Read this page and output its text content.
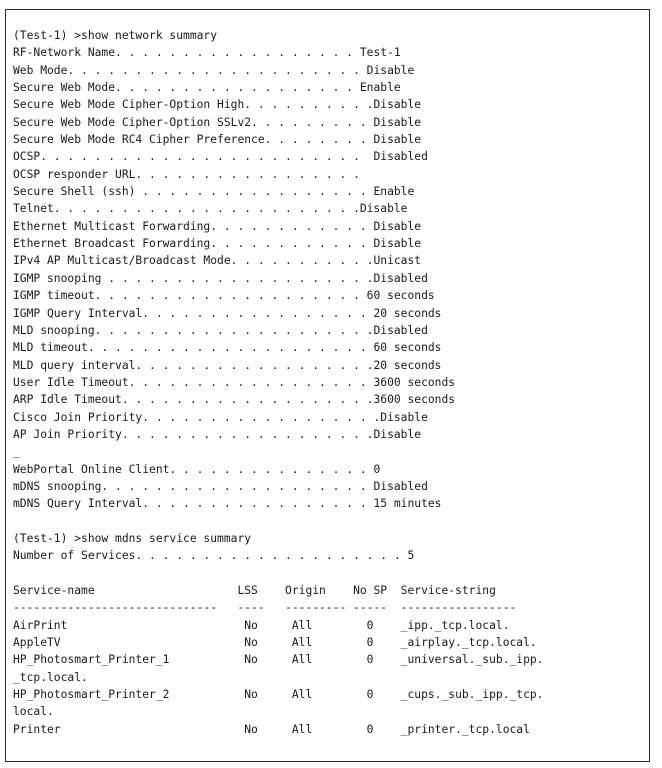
(Test-1) >show network summary
RF-Network Name. . . . . . . . . . . . . . . . . . Test-1
Web Mode. . . . . . . . . . . . . . . . . . . . . . Disable
Secure Web Mode. . . . . . . . . . . . . . . . . . Enable
Secure Web Mode Cipher-Option High. . . . . . . . . .Disable
Secure Web Mode Cipher-Option SSLv2. . . . . . . . . Disable
Secure Web Mode RC4 Cipher Preference. . . . . . . . Disable
OCSP. . . . . . . . . . . . . . . . . . . . . . . .  Disabled
OCSP responder URL. . . . . . . . . . . . . . . . .
Secure Shell (ssh) . . . . . . . . . . . . . . . . . Enable
Telnet. . . . . . . . . . . . . . . . . . . . . . .Disable
Ethernet Multicast Forwarding. . . . . . . . . . . . Disable
Ethernet Broadcast Forwarding. . . . . . . . . . . . Disable
IPv4 AP Multicast/Broadcast Mode. . . . . . . . . . .Unicast
IGMP snooping . . . . . . . . . . . . . . . . . . . .Disabled
IGMP timeout. . . . . . . . . . . . . . . . . . . . 60 seconds
IGMP Query Interval. . . . . . . . . . . . . . . . . 20 seconds
MLD snooping. . . . . . . . . . . . . . . . . . . . .Disabled
MLD timeout. . . . . . . . . . . . . . . . . . . . . 60 seconds
MLD query interval. . . . . . . . . . . . . . . . . .20 seconds
User Idle Timeout. . . . . . . . . . . . . . . . . . 3600 seconds
ARP Idle Timeout. . . . . . . . . . . . . . . . . . .3600 seconds
Cisco Join Priority. . . . . . . . . . . . . . . . . .Disable
AP Join Priority. . . . . . . . . . . . . . . . . . .Disable
_
WebPortal Online Client. . . . . . . . . . . . . . . 0
mDNS snooping. . . . . . . . . . . . . . . . . . . . Disabled
mDNS Query Interval. . . . . . . . . . . . . . . . . 15 minutes
(Test-1) >show mdns service summary
Number of Services. . . . . . . . . . . . . . . . . . . . 5
Service-name                     LSS    Origin    No SP  Service-string
------------------------------   ----   --------- -----  -----------------
AirPrint                          No     All        0    _ipp._tcp.local.
AppleTV                           No     All        0    _airplay._tcp.local.
HP_Photosmart_Printer_1           No     All        0    _universal._sub._ipp.
_tcp.local.
HP_Photosmart_Printer_2           No     All        0    _cups._sub._ipp._tcp.
local.
Printer                           No     All        0    _printer._tcp.local
